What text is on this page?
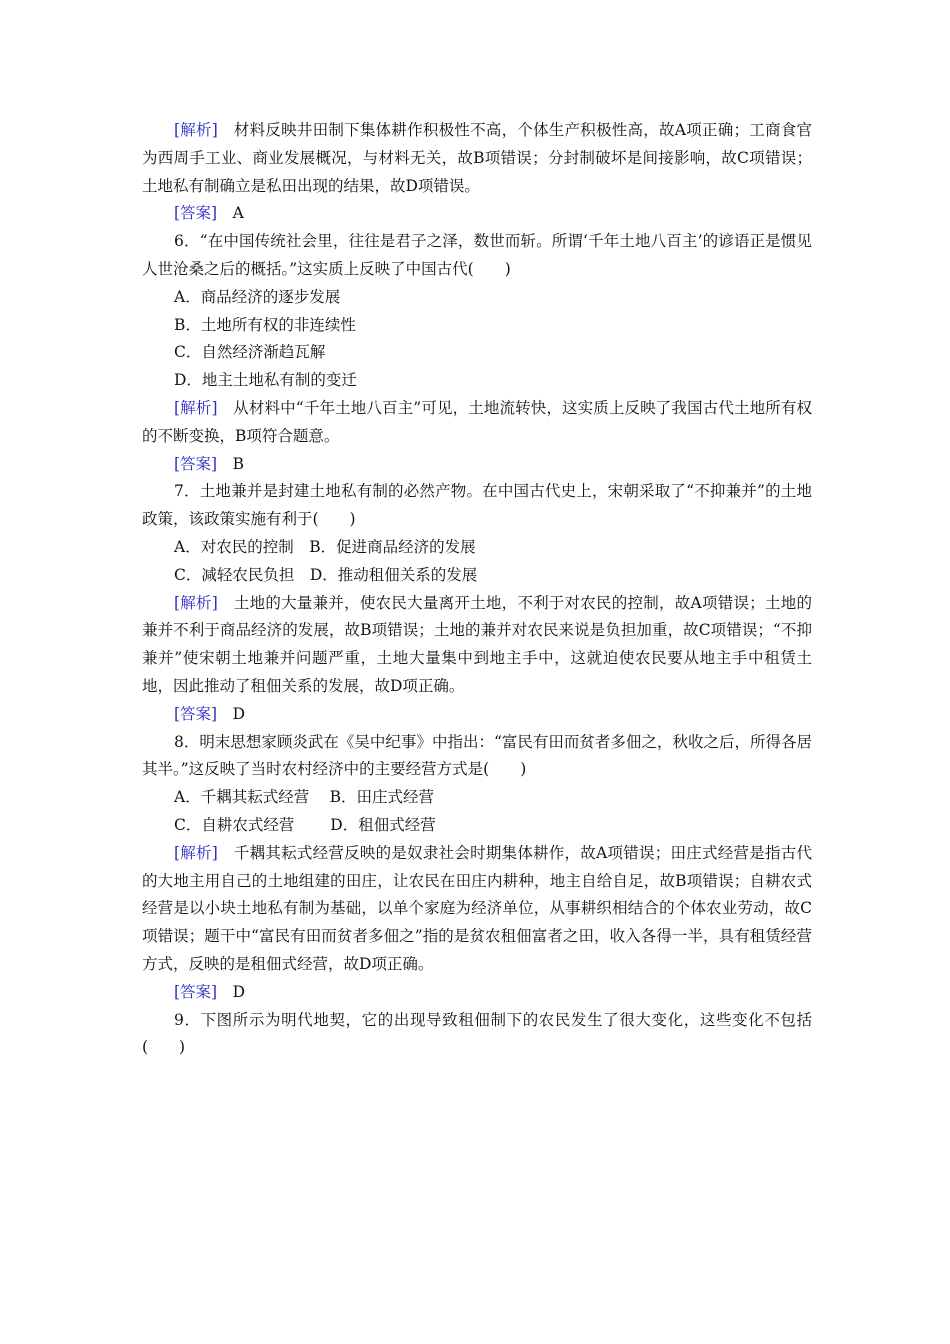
[解析]　材料反映井田制下集体耕作积极性不高，个体生产积极性高，故A项正确；工商食官为西周手工业、商业发展概况，与材料无关，故B项错误；分封制破坏是间接影响，故C项错误；土地私有制确立是私田出现的结果，故D项错误。

[答案]　A

6．“在中国传统社会里，往往是君子之泽，数世而斩。所谓‘千年土地八百主’的谚语正是惯见人世沧桑之后的概括。”这实质上反映了中国古代(　　)

A．商品经济的逐步发展

B．土地所有权的非连续性

C．自然经济渐趋瓦解

D．地主土地私有制的变迁

[解析]　从材料中“千年土地八百主”可见，土地流转快，这实质上反映了我国古代土地所有权的不断变换，B项符合题意。

[答案]　B

7．土地兼并是封建土地私有制的必然产物。在中国古代史上，宋朝采取了“不抑兼并”的土地政策，该政策实施有利于(　　)

A．对农民的控制　B．促进商品经济的发展

C．减轻农民负担　D．推动租佃关系的发展

[解析]　土地的大量兼并，使农民大量离开土地，不利于对农民的控制，故A项错误；土地的兼并不利于商品经济的发展，故B项错误；土地的兼并对农民来说是负担加重，故C项错误；“不抑兼并”使宋朝土地兼并问题严重，土地大量集中到地主手中，这就迫使农民要从地主手中租赁土地，因此推动了租佃关系的发展，故D项正确。

[答案]　D

8．明末思想家顾炎武在《吴中纪事》中指出：“富民有田而贫者多佃之，秋收之后，所得各居其半。”这反映了当时农村经济中的主要经营方式是(　　)

A．千耦其耘式经营　 B．田庄式经营

C．自耕农式经营　　 D．租佃式经营

[解析]　千耦其耘式经营反映的是奴隶社会时期集体耕作，故A项错误；田庄式经营是指古代的大地主用自己的土地组建的田庄，让农民在田庄内耕种，地主自给自足，故B项错误；自耕农式经营是以小块土地私有制为基础，以单个家庭为经济单位，从事耕织相结合的个体农业劳动，故C项错误；题干中“富民有田而贫者多佃之”指的是贫农租佃富者之田，收入各得一半，具有租赁经营方式，反映的是租佃式经营，故D项正确。

[答案]　D

9．下图所示为明代地契，它的出现导致租佃制下的农民发生了很大变化，这些变化不包括(　　)
